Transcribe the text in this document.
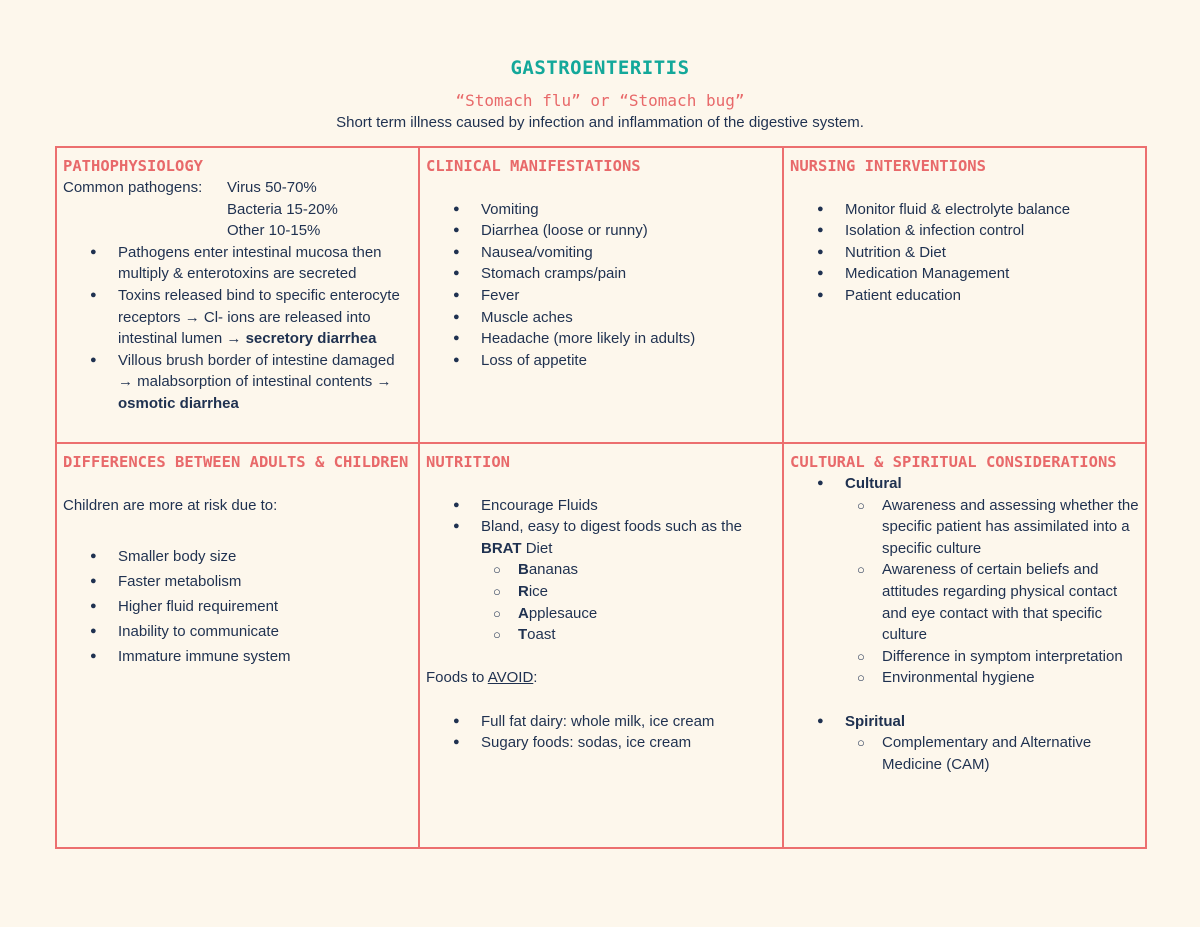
GASTROENTERITIS
“Stomach flu” or “Stomach bug”
Short term illness caused by infection and inflammation of the digestive system.
PATHOPHYSIOLOGY
Common pathogens:	Virus 50-70%
Bacteria 15-20%
Other 10-15%
● Pathogens enter intestinal mucosa then multiply & enterotoxins are secreted
● Toxins released bind to specific enterocyte receptors → Cl- ions are released into intestinal lumen → secretory diarrhea
● Villous brush border of intestine damaged → malabsorption of intestinal contents → osmotic diarrhea
CLINICAL MANIFESTATIONS
● Vomiting
● Diarrhea (loose or runny)
● Nausea/vomiting
● Stomach cramps/pain
● Fever
● Muscle aches
● Headache (more likely in adults)
● Loss of appetite
NURSING INTERVENTIONS
● Monitor fluid & electrolyte balance
● Isolation & infection control
● Nutrition & Diet
● Medication Management
● Patient education
DIFFERENCES BETWEEN ADULTS & CHILDREN
Children are more at risk due to:
● Smaller body size
● Faster metabolism
● Higher fluid requirement
● Inability to communicate
● Immature immune system
NUTRITION
● Encourage Fluids
● Bland, easy to digest foods such as the BRAT Diet
○ Bananas
○ Rice
○ Applesauce
○ Toast
Foods to AVOID:
● Full fat dairy: whole milk, ice cream
● Sugary foods: sodas, ice cream
CULTURAL & SPIRITUAL CONSIDERATIONS
● Cultural
○ Awareness and assessing whether the specific patient has assimilated into a specific culture
○ Awareness of certain beliefs and attitudes regarding physical contact and eye contact with that specific culture
○ Difference in symptom interpretation
○ Environmental hygiene
● Spiritual
○ Complementary and Alternative Medicine (CAM)
